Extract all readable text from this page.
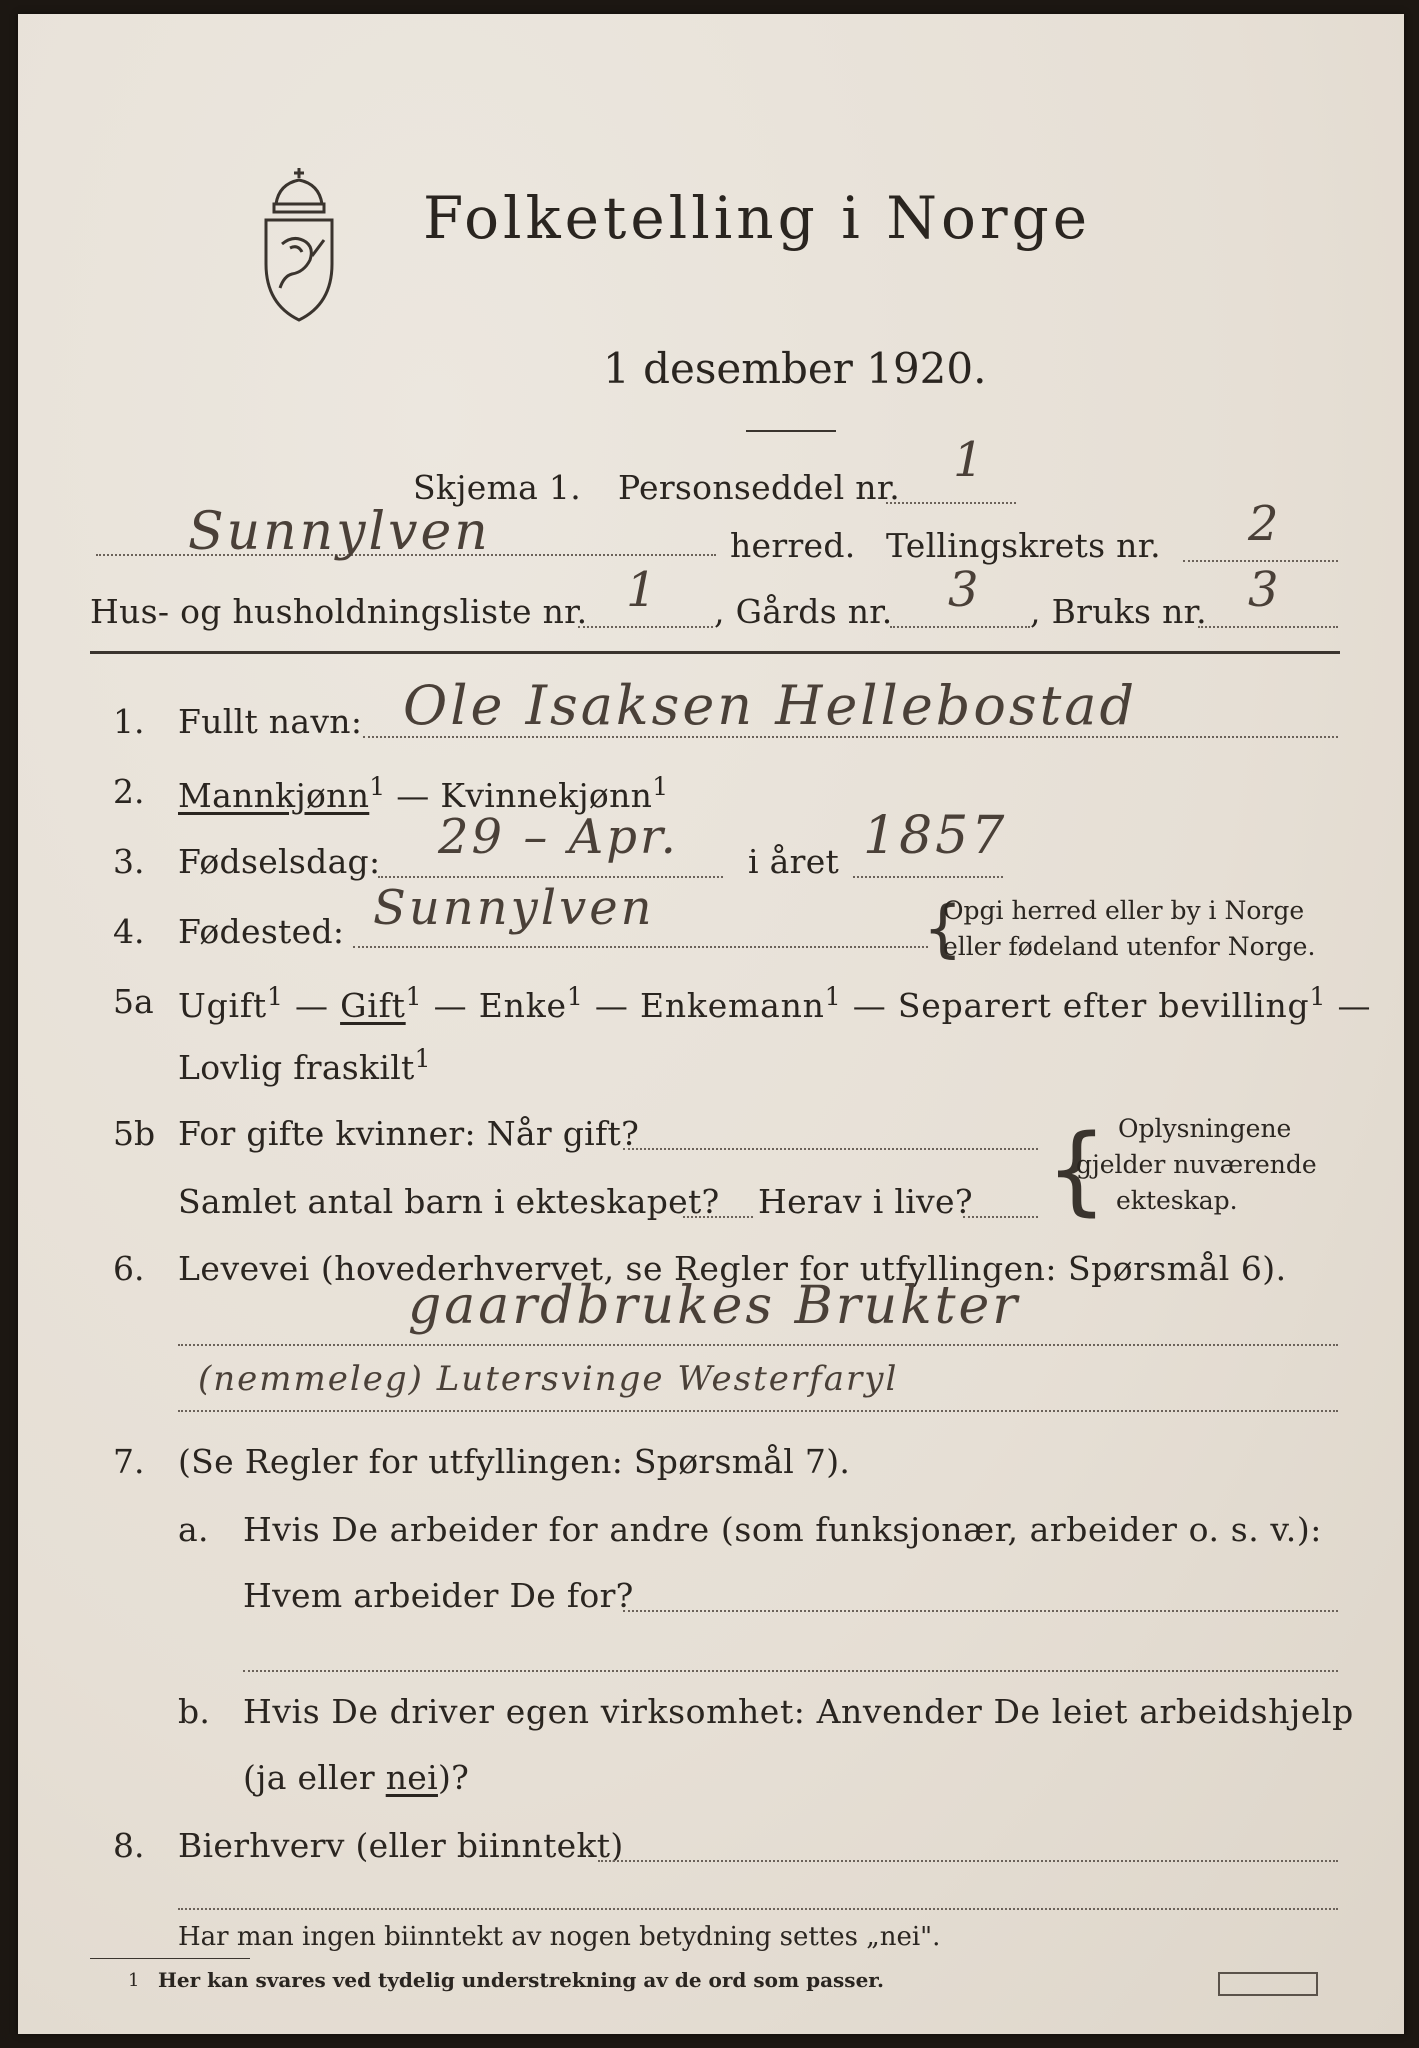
Folketelling i Norge
1 desember 1920.
Skjema 1. Personseddel nr. 1
Sunnylven	herred. Tellingskrets nr. 2
Hus- og husholdningsliste nr. 1 , Gårds nr. 3 , Bruks nr. 3
1. Fullt navn: Ole Isaksen Hellebostad
2. Mannkjønn$^1$ — Kvinnekjønn$^1$
3. Fødselsdag: 29 – Apr. i året 1857
4. Fødested: Sunnylven	{
Opgi herred eller by i Norge
eller fødeland utenfor Norge.
5a Ugift$^1$ — Gift$^1$ — Enke$^1$ — Enkemann$^1$ — Separert efter bevilling$^1$ —
Lovlig fraskilt$^1$
5b For gifte kvinner: Når gift?
Samlet antal barn i ekteskapet? Herav i live? { Oplysningene
gjelder nuværende
ekteskap.
6. Levevei (hovederhvervet, se Regler for utfyllingen: Spørsmål 6).
gaardbrukes Brukter
(nemmeleg) Lutersvinge Westerfaryl
7. (Se Regler for utfyllingen: Spørsmål 7).
a. Hvis De arbeider for andre (som funksjonær, arbeider o. s. v.):
Hvem arbeider De for?
b. Hvis De driver egen virksomhet: Anvender De leiet arbeidshjelp
(ja eller nei)?
8. Bierhverv (eller biinntekt)
Har man ingen biinntekt av nogen betydning settes „nei".
1 Her kan svares ved tydelig understrekning av de ord som passer.
